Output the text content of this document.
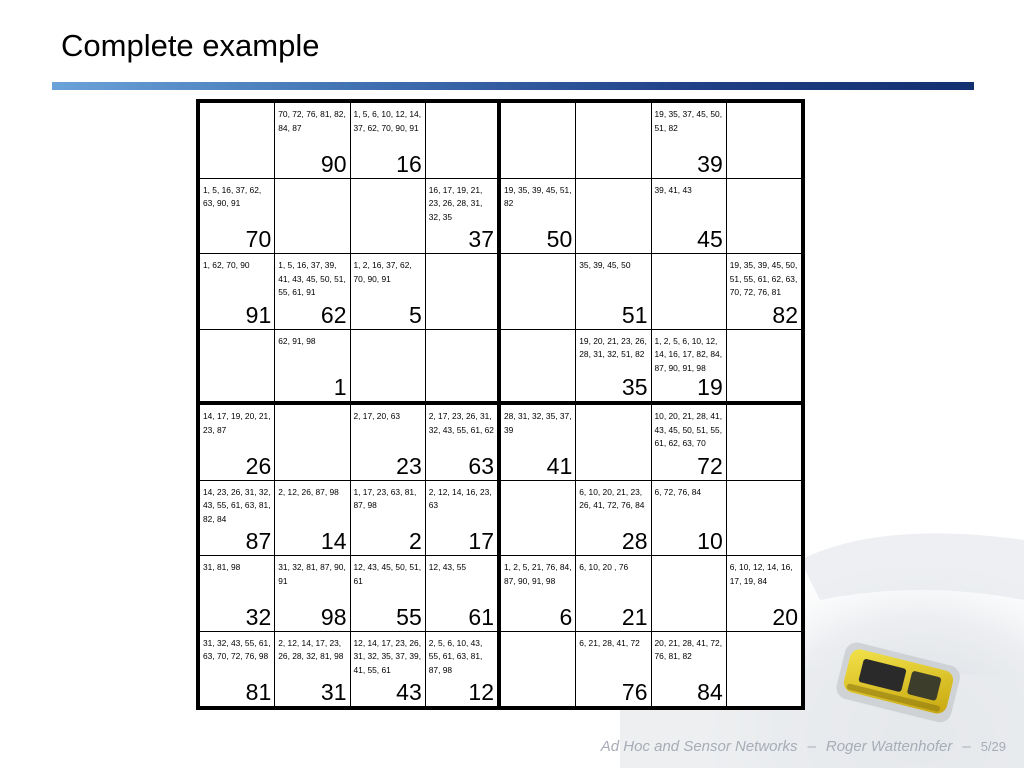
Complete example
70, 72, 76, 81, 82, 84, 87
90
1, 5, 6, 10, 12, 14, 37, 62, 70, 90, 91
16
19, 35, 37, 45, 50, 51, 82
39
1, 5, 16, 37, 62, 63, 90, 91
70
16, 17, 19, 21, 23, 26, 28, 31, 32, 35
37
19, 35, 39, 45, 51, 82
50
39, 41, 43
45
1, 62, 70, 90
91
1, 5, 16, 37, 39, 41, 43, 45, 50, 51, 55, 61, 91
62
1, 2, 16, 37, 62, 70, 90, 91
5
35, 39, 45, 50
51
19, 35, 39, 45, 50, 51, 55, 61, 62, 63, 70, 72, 76, 81
82
62, 91, 98
1
19, 20, 21, 23, 26, 28, 31, 32, 51, 82
35
1, 2, 5, 6, 10, 12, 14, 16, 17, 82, 84, 87, 90, 91, 98
19
14, 17, 19, 20, 21, 23, 87
26
2, 17, 20, 63
23
2, 17, 23, 26, 31, 32, 43, 55, 61, 62
63
28, 31, 32, 35, 37, 39
41
10, 20, 21, 28, 41, 43, 45, 50, 51, 55, 61, 62, 63, 70
72
14, 23, 26, 31, 32, 43, 55, 61, 63, 81, 82, 84
87
2, 12, 26, 87, 98
14
1, 17, 23, 63, 81, 87, 98
2
2, 12, 14, 16, 23, 63
17
6, 10, 20, 21, 23, 26, 41, 72, 76, 84
28
6, 72, 76, 84
10
31, 81, 98
32
31, 32, 81, 87, 90, 91
98
12, 43, 45, 50, 51, 61
55
12, 43, 55
61
1, 2, 5, 21, 76, 84, 87, 90, 91, 98
6
6, 10, 20 , 76
21
6, 10, 12, 14, 16, 17, 19, 84
20
31, 32, 43, 55, 61, 63, 70, 72, 76, 98
81
2, 12, 14, 17, 23, 26, 28, 32, 81, 98
31
12, 14, 17, 23, 26, 31, 32, 35, 37, 39, 41, 55, 61
43
2, 5, 6, 10, 43, 55, 61, 63, 81, 87, 98
12
6, 21, 28, 41, 72
76
20, 21, 28, 41, 72, 76, 81, 82
84
Ad Hoc and Sensor Networks – Roger Wattenhofer – 5/29
